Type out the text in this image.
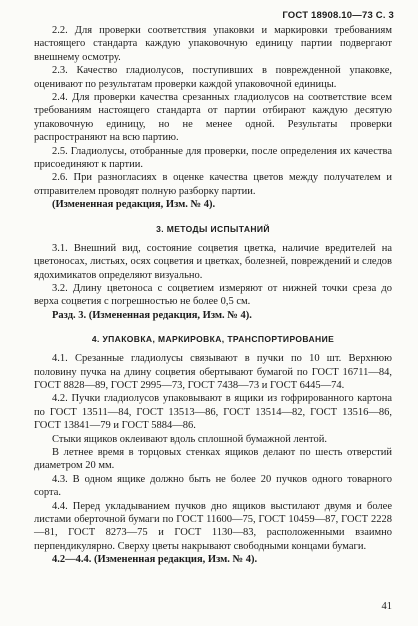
ГОСТ 18908.10—73 С. 3

2.2. Для проверки соответствия упаковки и маркировки требованиям настоящего стандарта каждую упаковочную единицу партии подвергают внешнему осмотру.

2.3. Качество гладиолусов, поступивших в поврежденной упаковке, оценивают по результатам проверки каждой упаковочной единицы.

2.4. Для проверки качества срезанных гладиолусов на соответствие всем требованиям настоящего стандарта от партии отбирают каждую десятую упаковочную единицу, но не менее одной. Результаты проверки распространяют на всю партию.

2.5. Гладиолусы, отобранные для проверки, после определения их качества присоединяют к партии.

2.6. При разногласиях в оценке качества цветов между получателем и отправителем проводят полную разборку партии.

(Измененная редакция, Изм. № 4).

3. МЕТОДЫ ИСПЫТАНИЙ

3.1. Внешний вид, состояние соцветия цветка, наличие вредителей на цветоносах, листьях, осях соцветия и цветках, болезней, повреждений и следов ядохимикатов определяют визуально.

3.2. Длину цветоноса с соцветием измеряют от нижней точки среза до верха соцветия с погрешностью не более 0,5 см.

Разд. 3. (Измененная редакция, Изм. № 4).

4. УПАКОВКА, МАРКИРОВКА, ТРАНСПОРТИРОВАНИЕ

4.1. Срезанные гладиолусы связывают в пучки по 10 шт. Верхнюю половину пучка на длину соцветия обертывают бумагой по ГОСТ 16711—84, ГОСТ 8828—89, ГОСТ 2995—73, ГОСТ 7438—73 и ГОСТ 6445—74.

4.2. Пучки гладиолусов упаковывают в ящики из гофрированного картона по ГОСТ 13511—84, ГОСТ 13513—86, ГОСТ 13514—82, ГОСТ 13516—86, ГОСТ 13841—79 и ГОСТ 5884—86.

Стыки ящиков оклеивают вдоль сплошной бумажной лентой.

В летнее время в торцовых стенках ящиков делают по шесть отверстий диаметром 20 мм.

4.3. В одном ящике должно быть не более 20 пучков одного товарного сорта.

4.4. Перед укладыванием пучков дно ящиков выстилают двумя и более листами оберточной бумаги по ГОСТ 11600—75, ГОСТ 10459—87, ГОСТ 2228—81, ГОСТ 8273—75 и ГОСТ 1130—83, расположенными взаимно перпендикулярно. Сверху цветы накрывают свободными концами бумаги.

4.2—4.4. (Измененная редакция, Изм. № 4).

41
